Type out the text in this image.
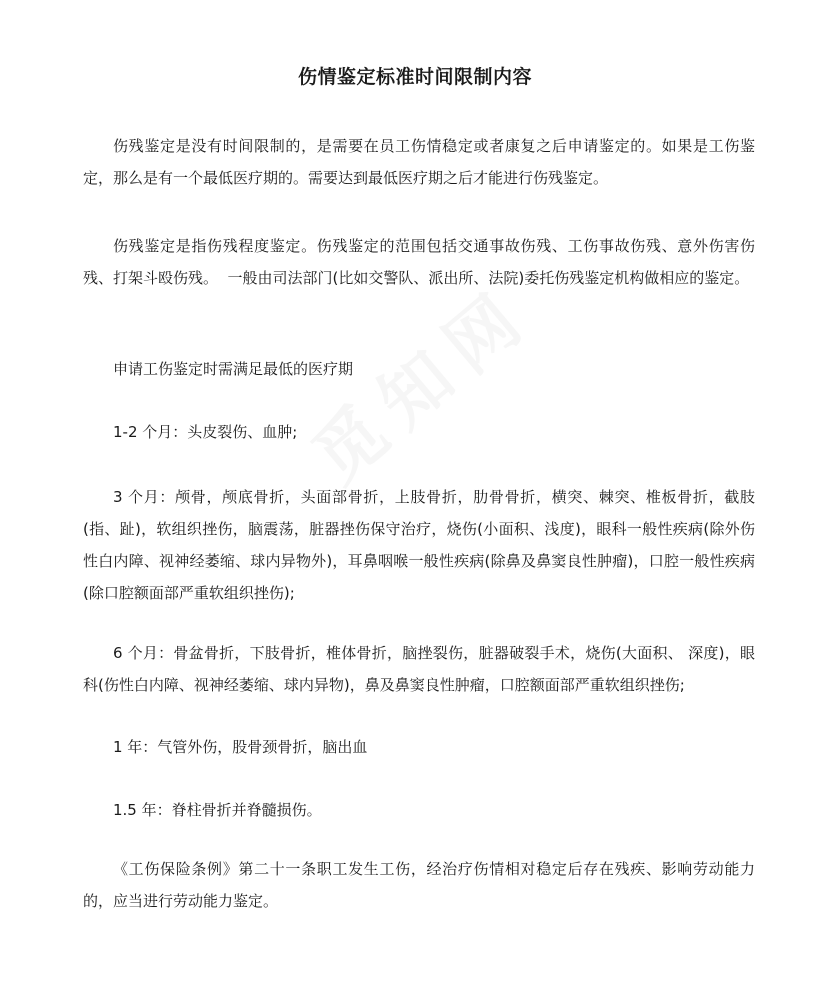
伤情鉴定标准时间限制内容

伤残鉴定是没有时间限制的，是需要在员工伤情稳定或者康复之后申请鉴定的。如果是工伤鉴定，那么是有一个最低医疗期的。需要达到最低医疗期之后才能进行伤残鉴定。

伤残鉴定是指伤残程度鉴定。伤残鉴定的范围包括交通事故伤残、工伤事故伤残、意外伤害伤残、打架斗殴伤残。  一般由司法部门(比如交警队、派出所、法院)委托伤残鉴定机构做相应的鉴定。

申请工伤鉴定时需满足最低的医疗期

1-2 个月：头皮裂伤、血肿;

3 个月：颅骨，颅底骨折，头面部骨折，上肢骨折，肋骨骨折，横突、棘突、椎板骨折，截肢(指、趾)，软组织挫伤，脑震荡，脏器挫伤保守治疗，烧伤(小面积、浅度)，眼科一般性疾病(除外伤性白内障、视神经萎缩、球内异物外)，耳鼻咽喉一般性疾病(除鼻及鼻窦良性肿瘤)，口腔一般性疾病(除口腔额面部严重软组织挫伤);

6 个月：骨盆骨折，下肢骨折，椎体骨折，脑挫裂伤，脏器破裂手术，烧伤(大面积、 深度)，眼科(伤性白内障、视神经萎缩、球内异物)，鼻及鼻窦良性肿瘤，口腔额面部严重软组织挫伤;

1 年：气管外伤，股骨颈骨折，脑出血

1.5 年：脊柱骨折并脊髓损伤。

《工伤保险条例》第二十一条职工发生工伤，经治疗伤情相对稳定后存在残疾、影响劳动能力的，应当进行劳动能力鉴定。
